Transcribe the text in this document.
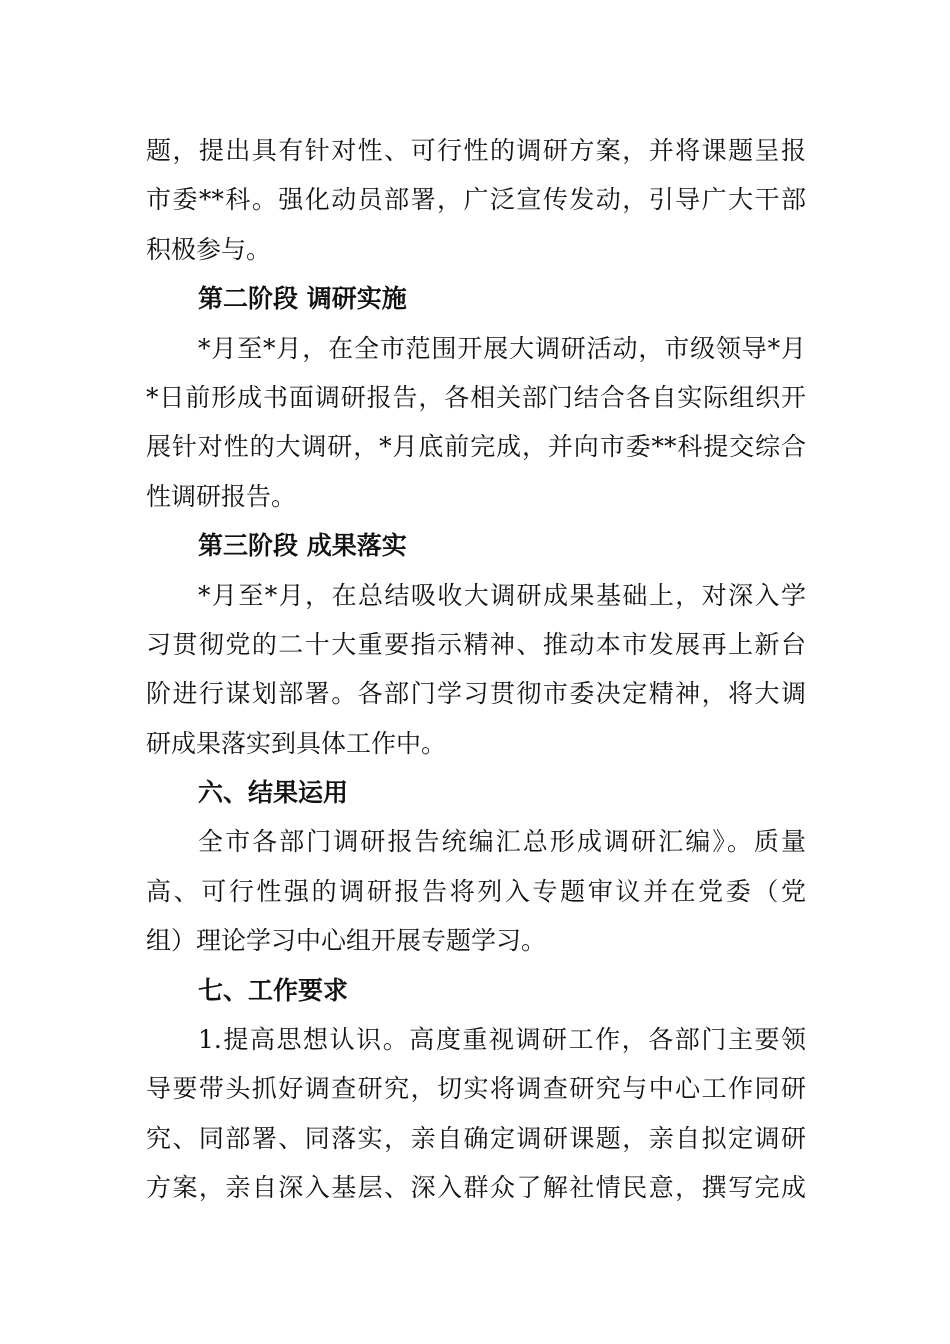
题，提出具有针对性、可行性的调研方案，并将课题呈报
市委**科。强化动员部署，广泛宣传发动，引导广大干部
积极参与。
第二阶段 调研实施
*月至*月，在全市范围开展大调研活动，市级领导*月
*日前形成书面调研报告，各相关部门结合各自实际组织开
展针对性的大调研，*月底前完成，并向市委**科提交综合
性调研报告。
第三阶段 成果落实
*月至*月，在总结吸收大调研成果基础上，对深入学
习贯彻党的二十大重要指示精神、推动本市发展再上新台
阶进行谋划部署。各部门学习贯彻市委决定精神，将大调
研成果落实到具体工作中。
六、结果运用
全市各部门调研报告统编汇总形成调研汇编》。质量
高、可行性强的调研报告将列入专题审议并在党委（党
组）理论学习中心组开展专题学习。
七、工作要求
1.提高思想认识。高度重视调研工作，各部门主要领
导要带头抓好调查研究，切实将调查研究与中心工作同研
究、同部署、同落实，亲自确定调研课题，亲自拟定调研
方案，亲自深入基层、深入群众了解社情民意，撰写完成
